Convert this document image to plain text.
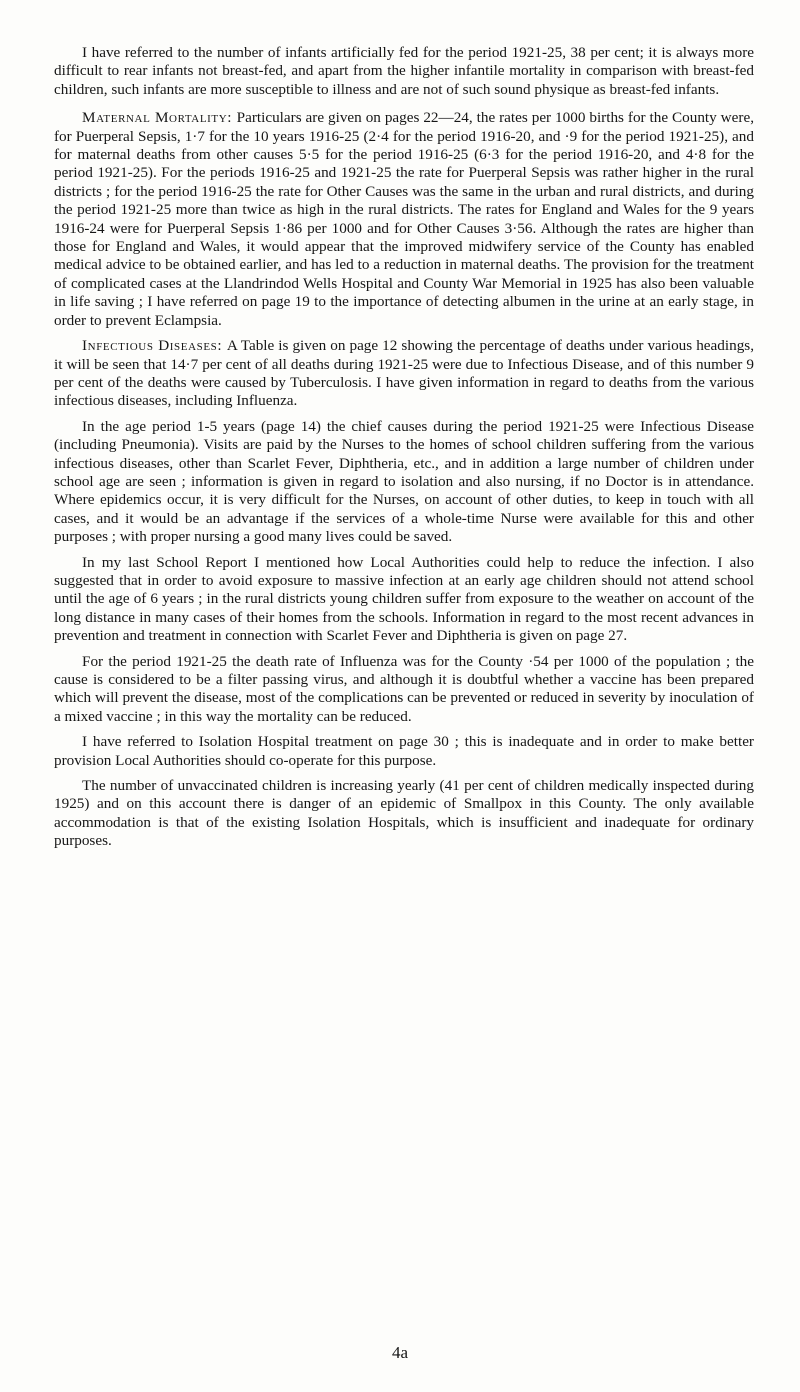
I have referred to the number of infants artificially fed for the period 1921-25, 38 per cent; it is always more difficult to rear infants not breast-fed, and apart from the higher infantile mortality in comparison with breast-fed children, such infants are more susceptible to illness and are not of such sound physique as breast-fed infants.

Maternal Mortality: Particulars are given on pages 22—24, the rates per 1000 births for the County were, for Puerperal Sepsis, 1·7 for the 10 years 1916-25 (2·4 for the period 1916-20, and ·9 for the period 1921-25), and for maternal deaths from other causes 5·5 for the period 1916-25 (6·3 for the period 1916-20, and 4·8 for the period 1921-25). For the periods 1916-25 and 1921-25 the rate for Puerperal Sepsis was rather higher in the rural districts ; for the period 1916-25 the rate for Other Causes was the same in the urban and rural districts, and during the period 1921-25 more than twice as high in the rural districts. The rates for England and Wales for the 9 years 1916-24 were for Puerperal Sepsis 1·86 per 1000 and for Other Causes 3·56. Although the rates are higher than those for England and Wales, it would appear that the improved midwifery service of the County has enabled medical advice to be obtained earlier, and has led to a reduction in maternal deaths. The provision for the treatment of complicated cases at the Llandrindod Wells Hospital and County War Memorial in 1925 has also been valuable in life saving ; I have referred on page 19 to the importance of detecting albumen in the urine at an early stage, in order to prevent Eclampsia.

Infectious Diseases: A Table is given on page 12 showing the percentage of deaths under various headings, it will be seen that 14·7 per cent of all deaths during 1921-25 were due to Infectious Disease, and of this number 9 per cent of the deaths were caused by Tuberculosis. I have given information in regard to deaths from the various infectious diseases, including Influenza.

In the age period 1-5 years (page 14) the chief causes during the period 1921-25 were Infectious Disease (including Pneumonia). Visits are paid by the Nurses to the homes of school children suffering from the various infectious diseases, other than Scarlet Fever, Diphtheria, etc., and in addition a large number of children under school age are seen ; information is given in regard to isolation and also nursing, if no Doctor is in attendance. Where epidemics occur, it is very difficult for the Nurses, on account of other duties, to keep in touch with all cases, and it would be an advantage if the services of a whole-time Nurse were available for this and other purposes ; with proper nursing a good many lives could be saved.

In my last School Report I mentioned how Local Authorities could help to reduce the infection. I also suggested that in order to avoid exposure to massive infection at an early age children should not attend school until the age of 6 years ; in the rural districts young children suffer from exposure to the weather on account of the long distance in many cases of their homes from the schools. Information in regard to the most recent advances in prevention and treatment in connection with Scarlet Fever and Diphtheria is given on page 27.

For the period 1921-25 the death rate of Influenza was for the County ·54 per 1000 of the population ; the cause is considered to be a filter passing virus, and although it is doubtful whether a vaccine has been prepared which will prevent the disease, most of the complications can be prevented or reduced in severity by inoculation of a mixed vaccine ; in this way the mortality can be reduced.

I have referred to Isolation Hospital treatment on page 30 ; this is inadequate and in order to make better provision Local Authorities should co-operate for this purpose.

The number of unvaccinated children is increasing yearly (41 per cent of children medically inspected during 1925) and on this account there is danger of an epidemic of Smallpox in this County. The only available accommodation is that of the existing Isolation Hospitals, which is insufficient and inadequate for ordinary purposes.

4a
